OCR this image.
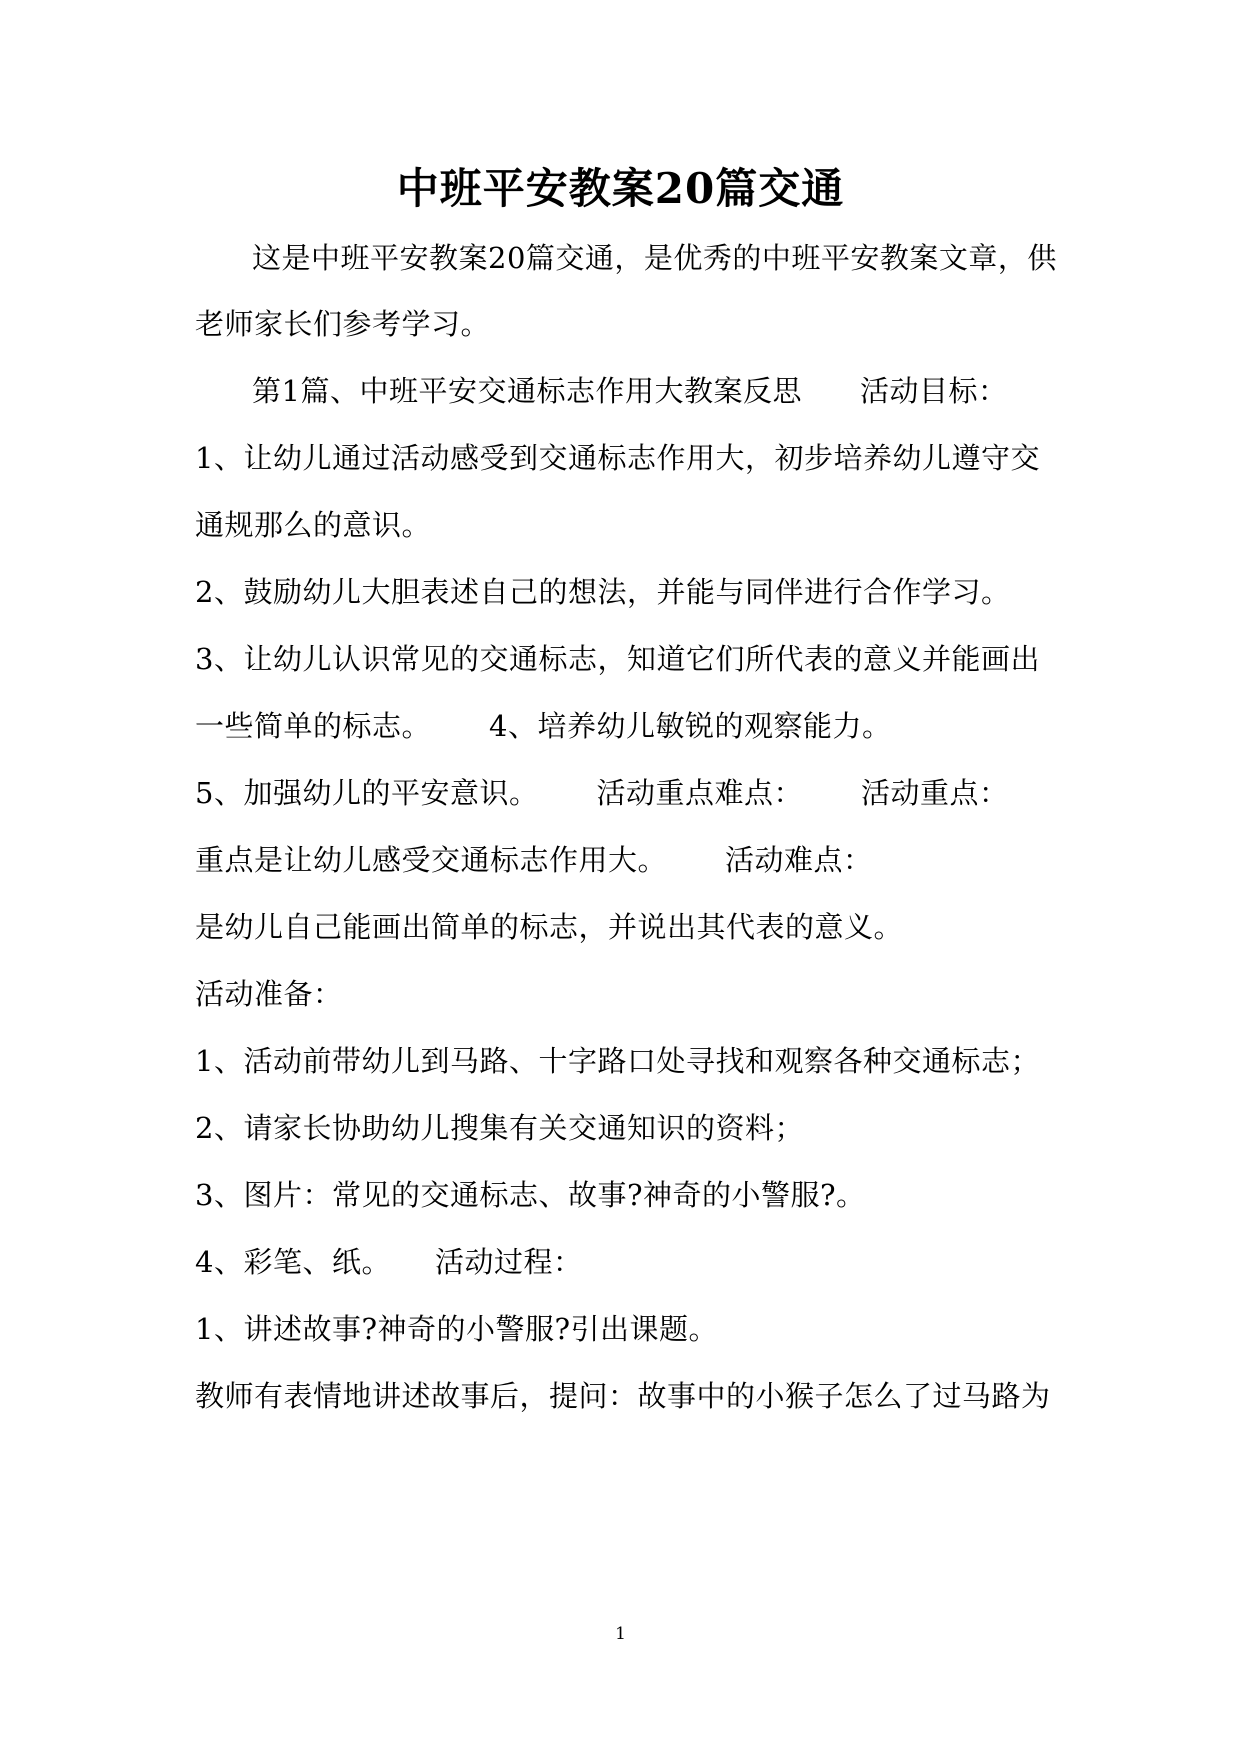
中班平安教案20篇交通
这是中班平安教案20篇交通，是优秀的中班平安教案文章，供
老师家长们参考学习。
第1篇、中班平安交通标志作用大教案反思 活动目标：
1、让幼儿通过活动感受到交通标志作用大，初步培养幼儿遵守交
通规那么的意识。
2、鼓励幼儿大胆表述自己的想法，并能与同伴进行合作学习。
3、让幼儿认识常见的交通标志，知道它们所代表的意义并能画出
一些简单的标志。 4、培养幼儿敏锐的观察能力。
5、加强幼儿的平安意识。 活动重点难点： 活动重点：
重点是让幼儿感受交通标志作用大。 活动难点：
是幼儿自己能画出简单的标志，并说出其代表的意义。
活动准备：
1、活动前带幼儿到马路、十字路口处寻找和观察各种交通标志；
2、请家长协助幼儿搜集有关交通知识的资料；
3、图片：常见的交通标志、故事?神奇的小警服?。
4、彩笔、纸。 活动过程：
1、讲述故事?神奇的小警服?引出课题。
教师有表情地讲述故事后，提问：故事中的小猴子怎么了过马路为
1
